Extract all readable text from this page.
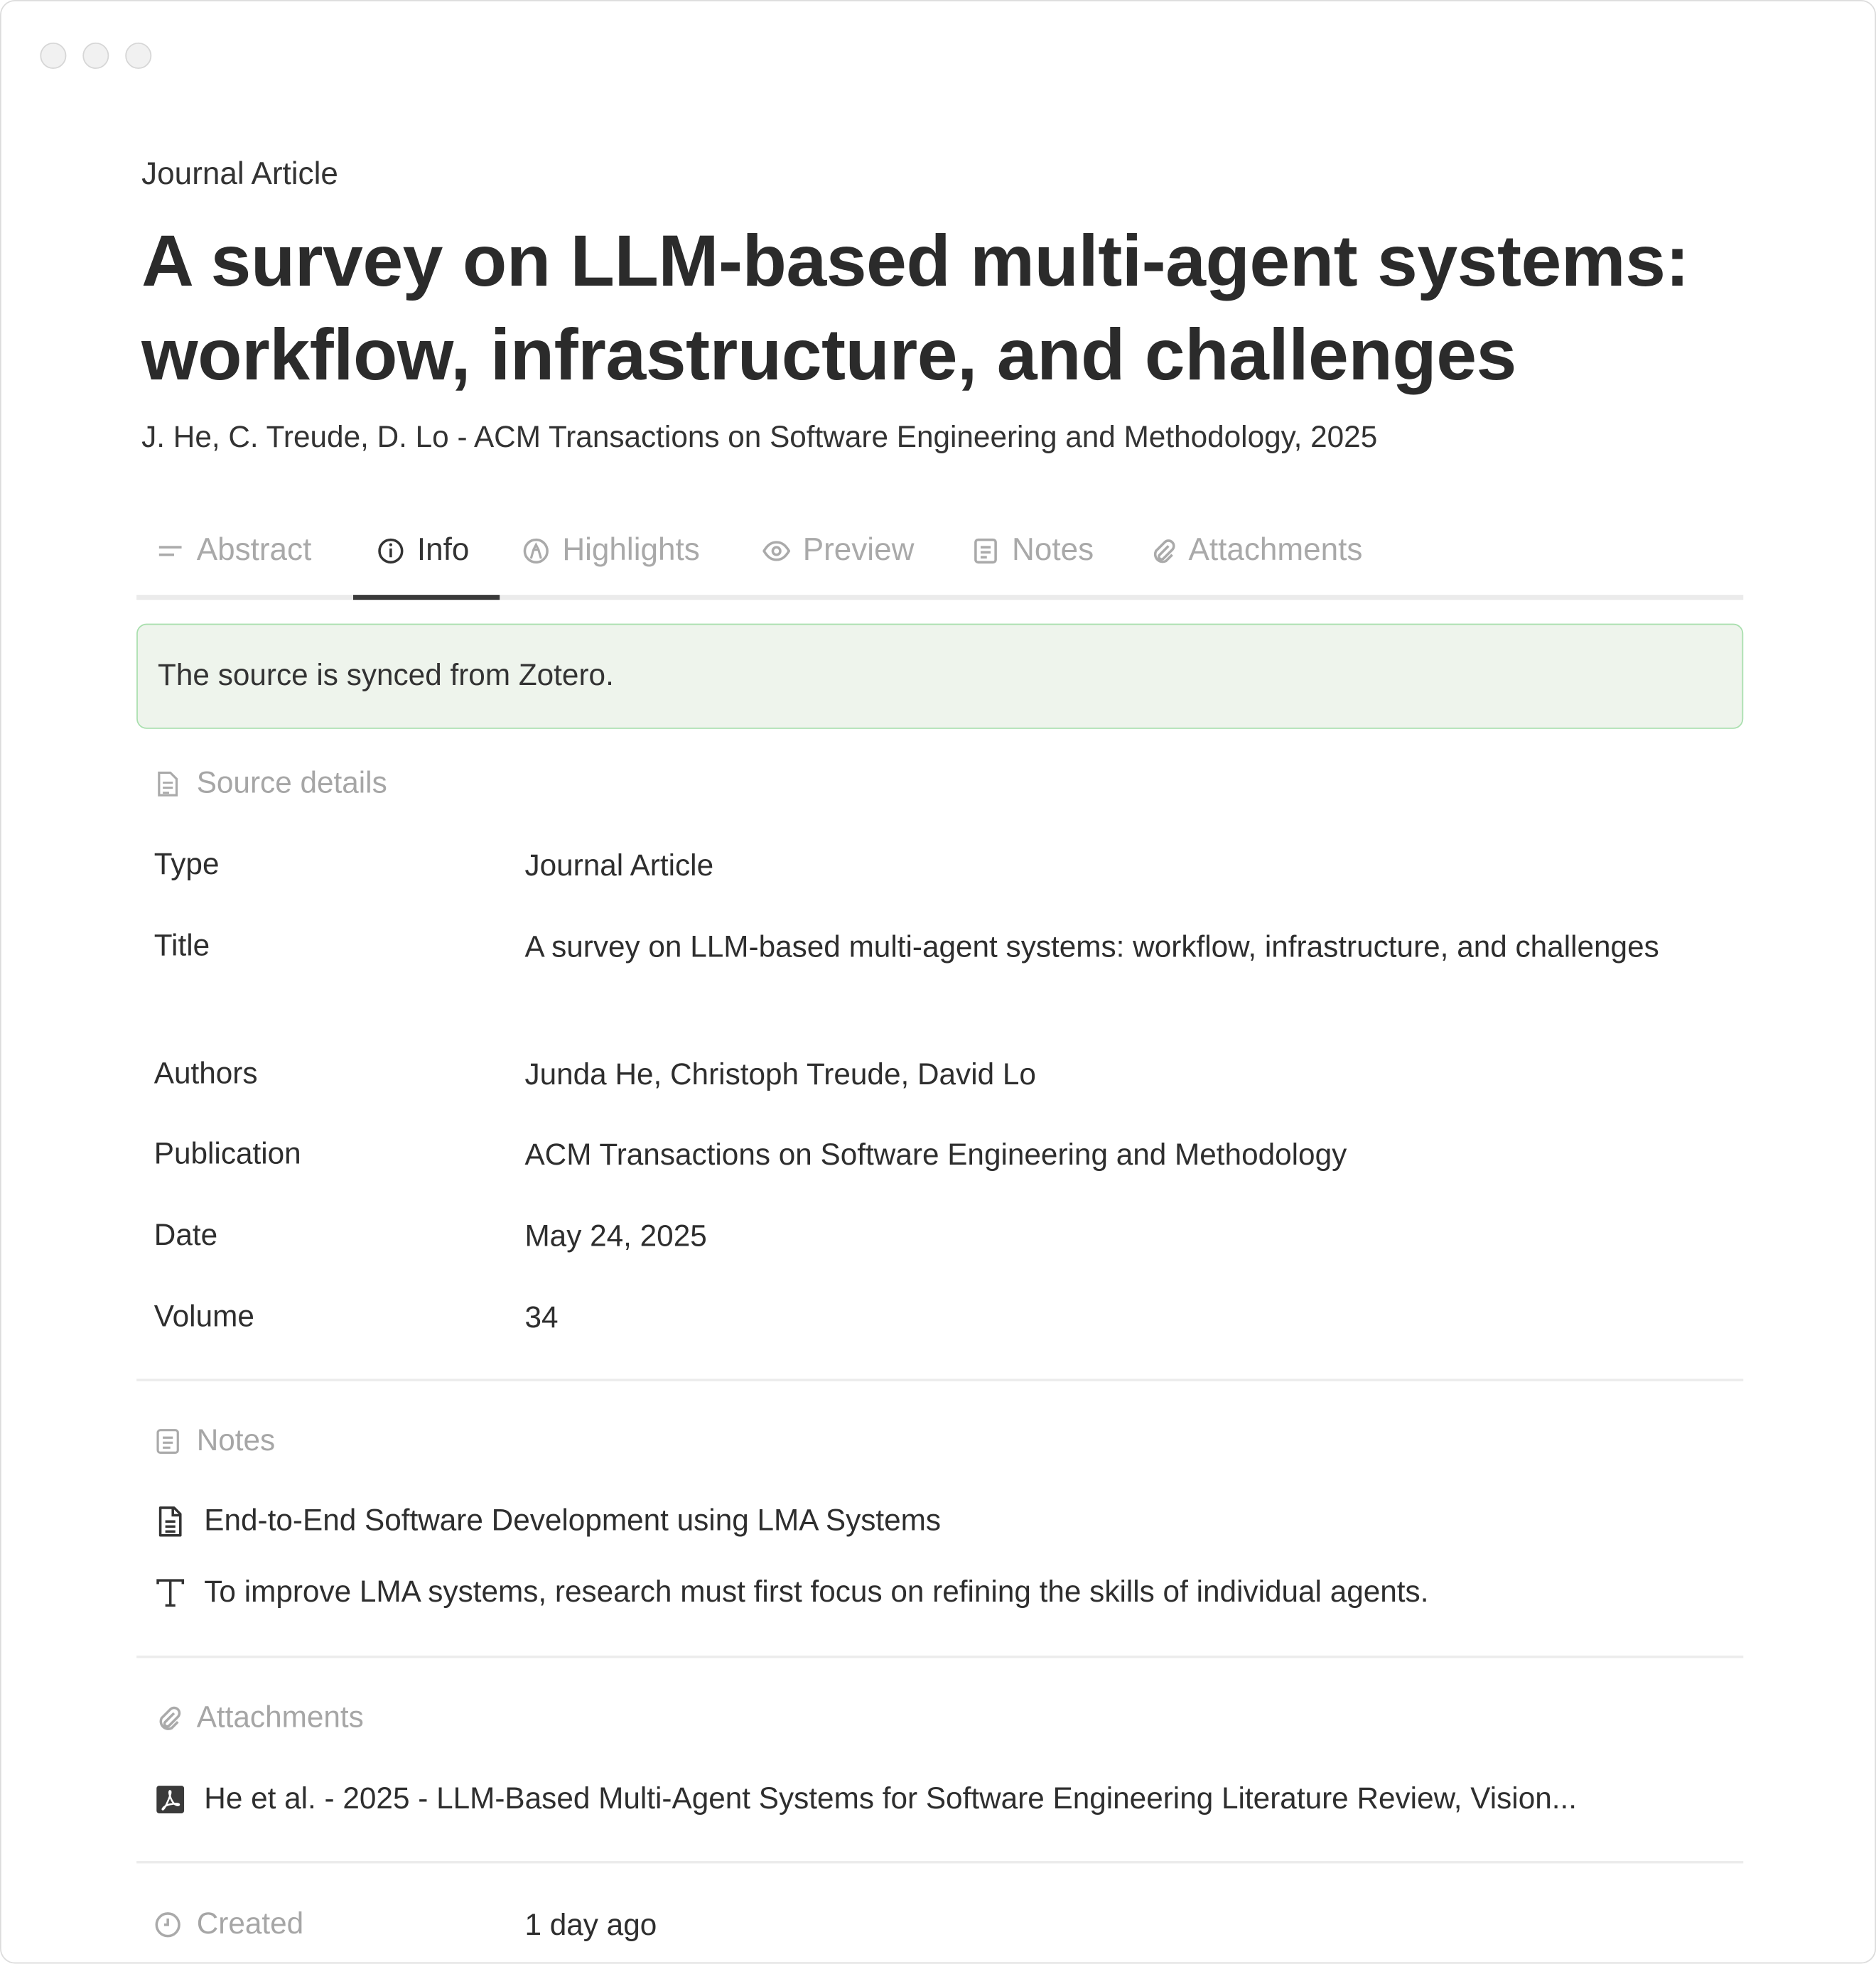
Journal Article
A survey on LLM-based multi-agent systems: workflow, infrastructure, and challenges
J. He, C. Treude, D. Lo - ACM Transactions on Software Engineering and Methodology, 2025
Abstract	Info	Highlights	Preview	Notes	Attachments
The source is synced from Zotero.
Source details
Type	Journal Article
Title	A survey on LLM-based multi-agent systems: workflow, infrastructure, and challenges
Authors	Junda He, Christoph Treude, David Lo
Publication	ACM Transactions on Software Engineering and Methodology
Date	May 24, 2025
Volume	34
Notes
End-to-End Software Development using LMA Systems
To improve LMA systems, research must first focus on refining the skills of individual agents.
Attachments
He et al. - 2025 - LLM-Based Multi-Agent Systems for Software Engineering Literature Review, Vision...
Created	1 day ago
